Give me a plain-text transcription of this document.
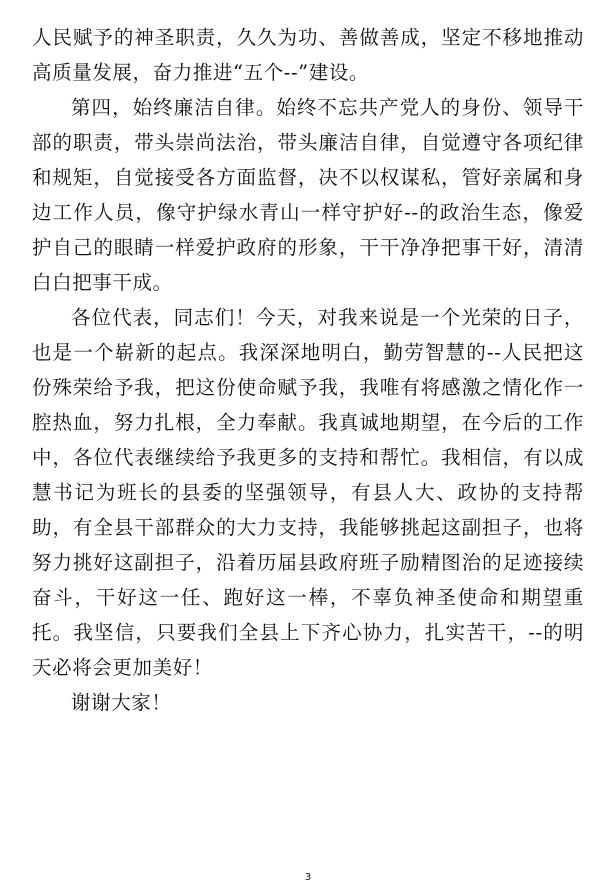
人民赋予的神圣职责，久久为功、善做善成，坚定不移地推动高质量发展，奋力推进“五个--”建设。

第四，始终廉洁自律。始终不忘共产党人的身份、领导干部的职责，带头崇尚法治，带头廉洁自律，自觉遵守各项纪律和规矩，自觉接受各方面监督，决不以权谋私，管好亲属和身边工作人员，像守护绿水青山一样守护好--的政治生态，像爱护自己的眼睛一样爱护政府的形象，干干净净把事干好，清清白白把事干成。

各位代表，同志们！今天，对我来说是一个光荣的日子，也是一个崭新的起点。我深深地明白，勤劳智慧的--人民把这份殊荣给予我，把这份使命赋予我，我唯有将感激之情化作一腔热血，努力扎根，全力奉献。我真诚地期望，在今后的工作中，各位代表继续给予我更多的支持和帮忙。我相信，有以成慧书记为班长的县委的坚强领导，有县人大、政协的支持帮助，有全县干部群众的大力支持，我能够挑起这副担子，也将努力挑好这副担子，沿着历届县政府班子励精图治的足迹接续奋斗，干好这一任、跑好这一棒，不辜负神圣使命和期望重托。我坚信，只要我们全县上下齐心协力，扎实苦干，--的明天必将会更加美好！

谢谢大家！

3
